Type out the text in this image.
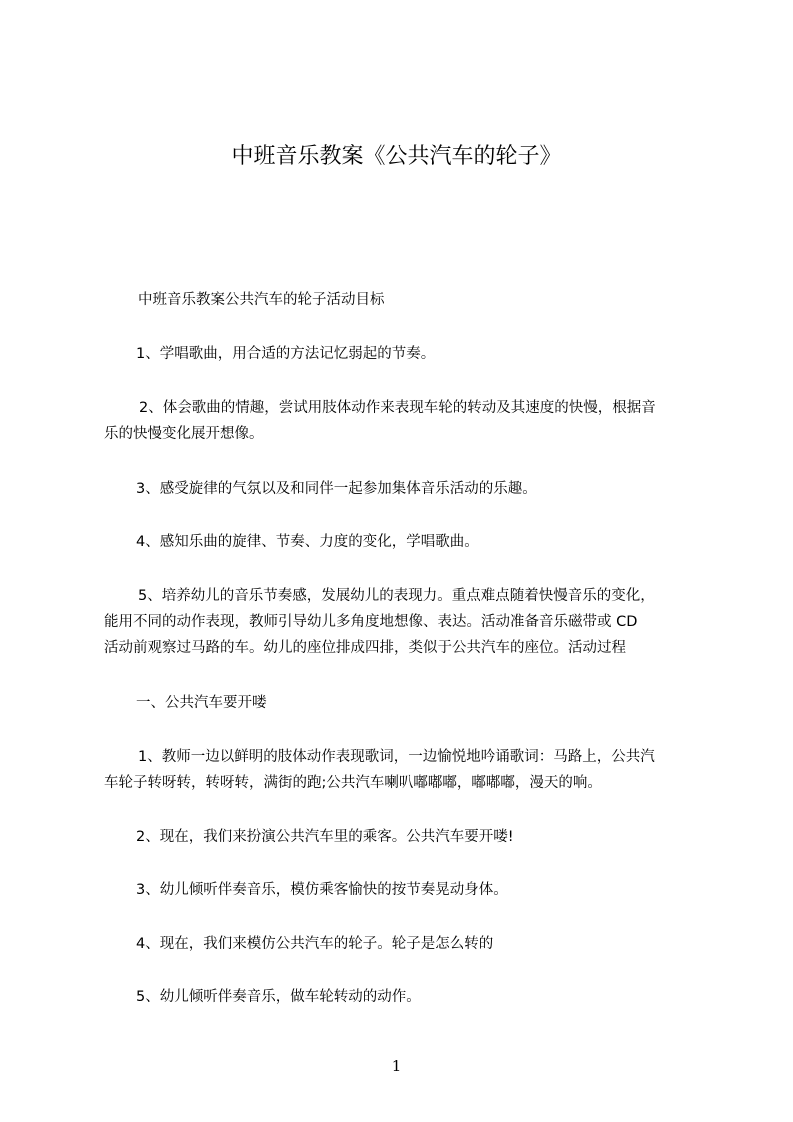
中班音乐教案《公共汽车的轮子》

中班音乐教案公共汽车的轮子活动目标

1、学唱歌曲，用合适的方法记忆弱起的节奏。

2、体会歌曲的情趣，尝试用肢体动作来表现车轮的转动及其速度的快慢，根据音
乐的快慢变化展开想像。

3、感受旋律的气氛以及和同伴一起参加集体音乐活动的乐趣。

4、感知乐曲的旋律、节奏、力度的变化，学唱歌曲。

5、培养幼儿的音乐节奏感，发展幼儿的表现力。重点难点随着快慢音乐的变化，
能用不同的动作表现，教师引导幼儿多角度地想像、表达。活动准备音乐磁带或 CD
活动前观察过马路的车。幼儿的座位排成四排，类似于公共汽车的座位。活动过程

一、公共汽车要开喽

1、教师一边以鲜明的肢体动作表现歌词，一边愉悦地吟诵歌词：马路上，公共汽
车轮子转呀转，转呀转，满街的跑;公共汽车喇叭嘟嘟嘟，嘟嘟嘟，漫天的响。

2、现在，我们来扮演公共汽车里的乘客。公共汽车要开喽!

3、幼儿倾听伴奏音乐，模仿乘客愉快的按节奏晃动身体。

4、现在，我们来模仿公共汽车的轮子。轮子是怎么转的

5、幼儿倾听伴奏音乐，做车轮转动的动作。

1
